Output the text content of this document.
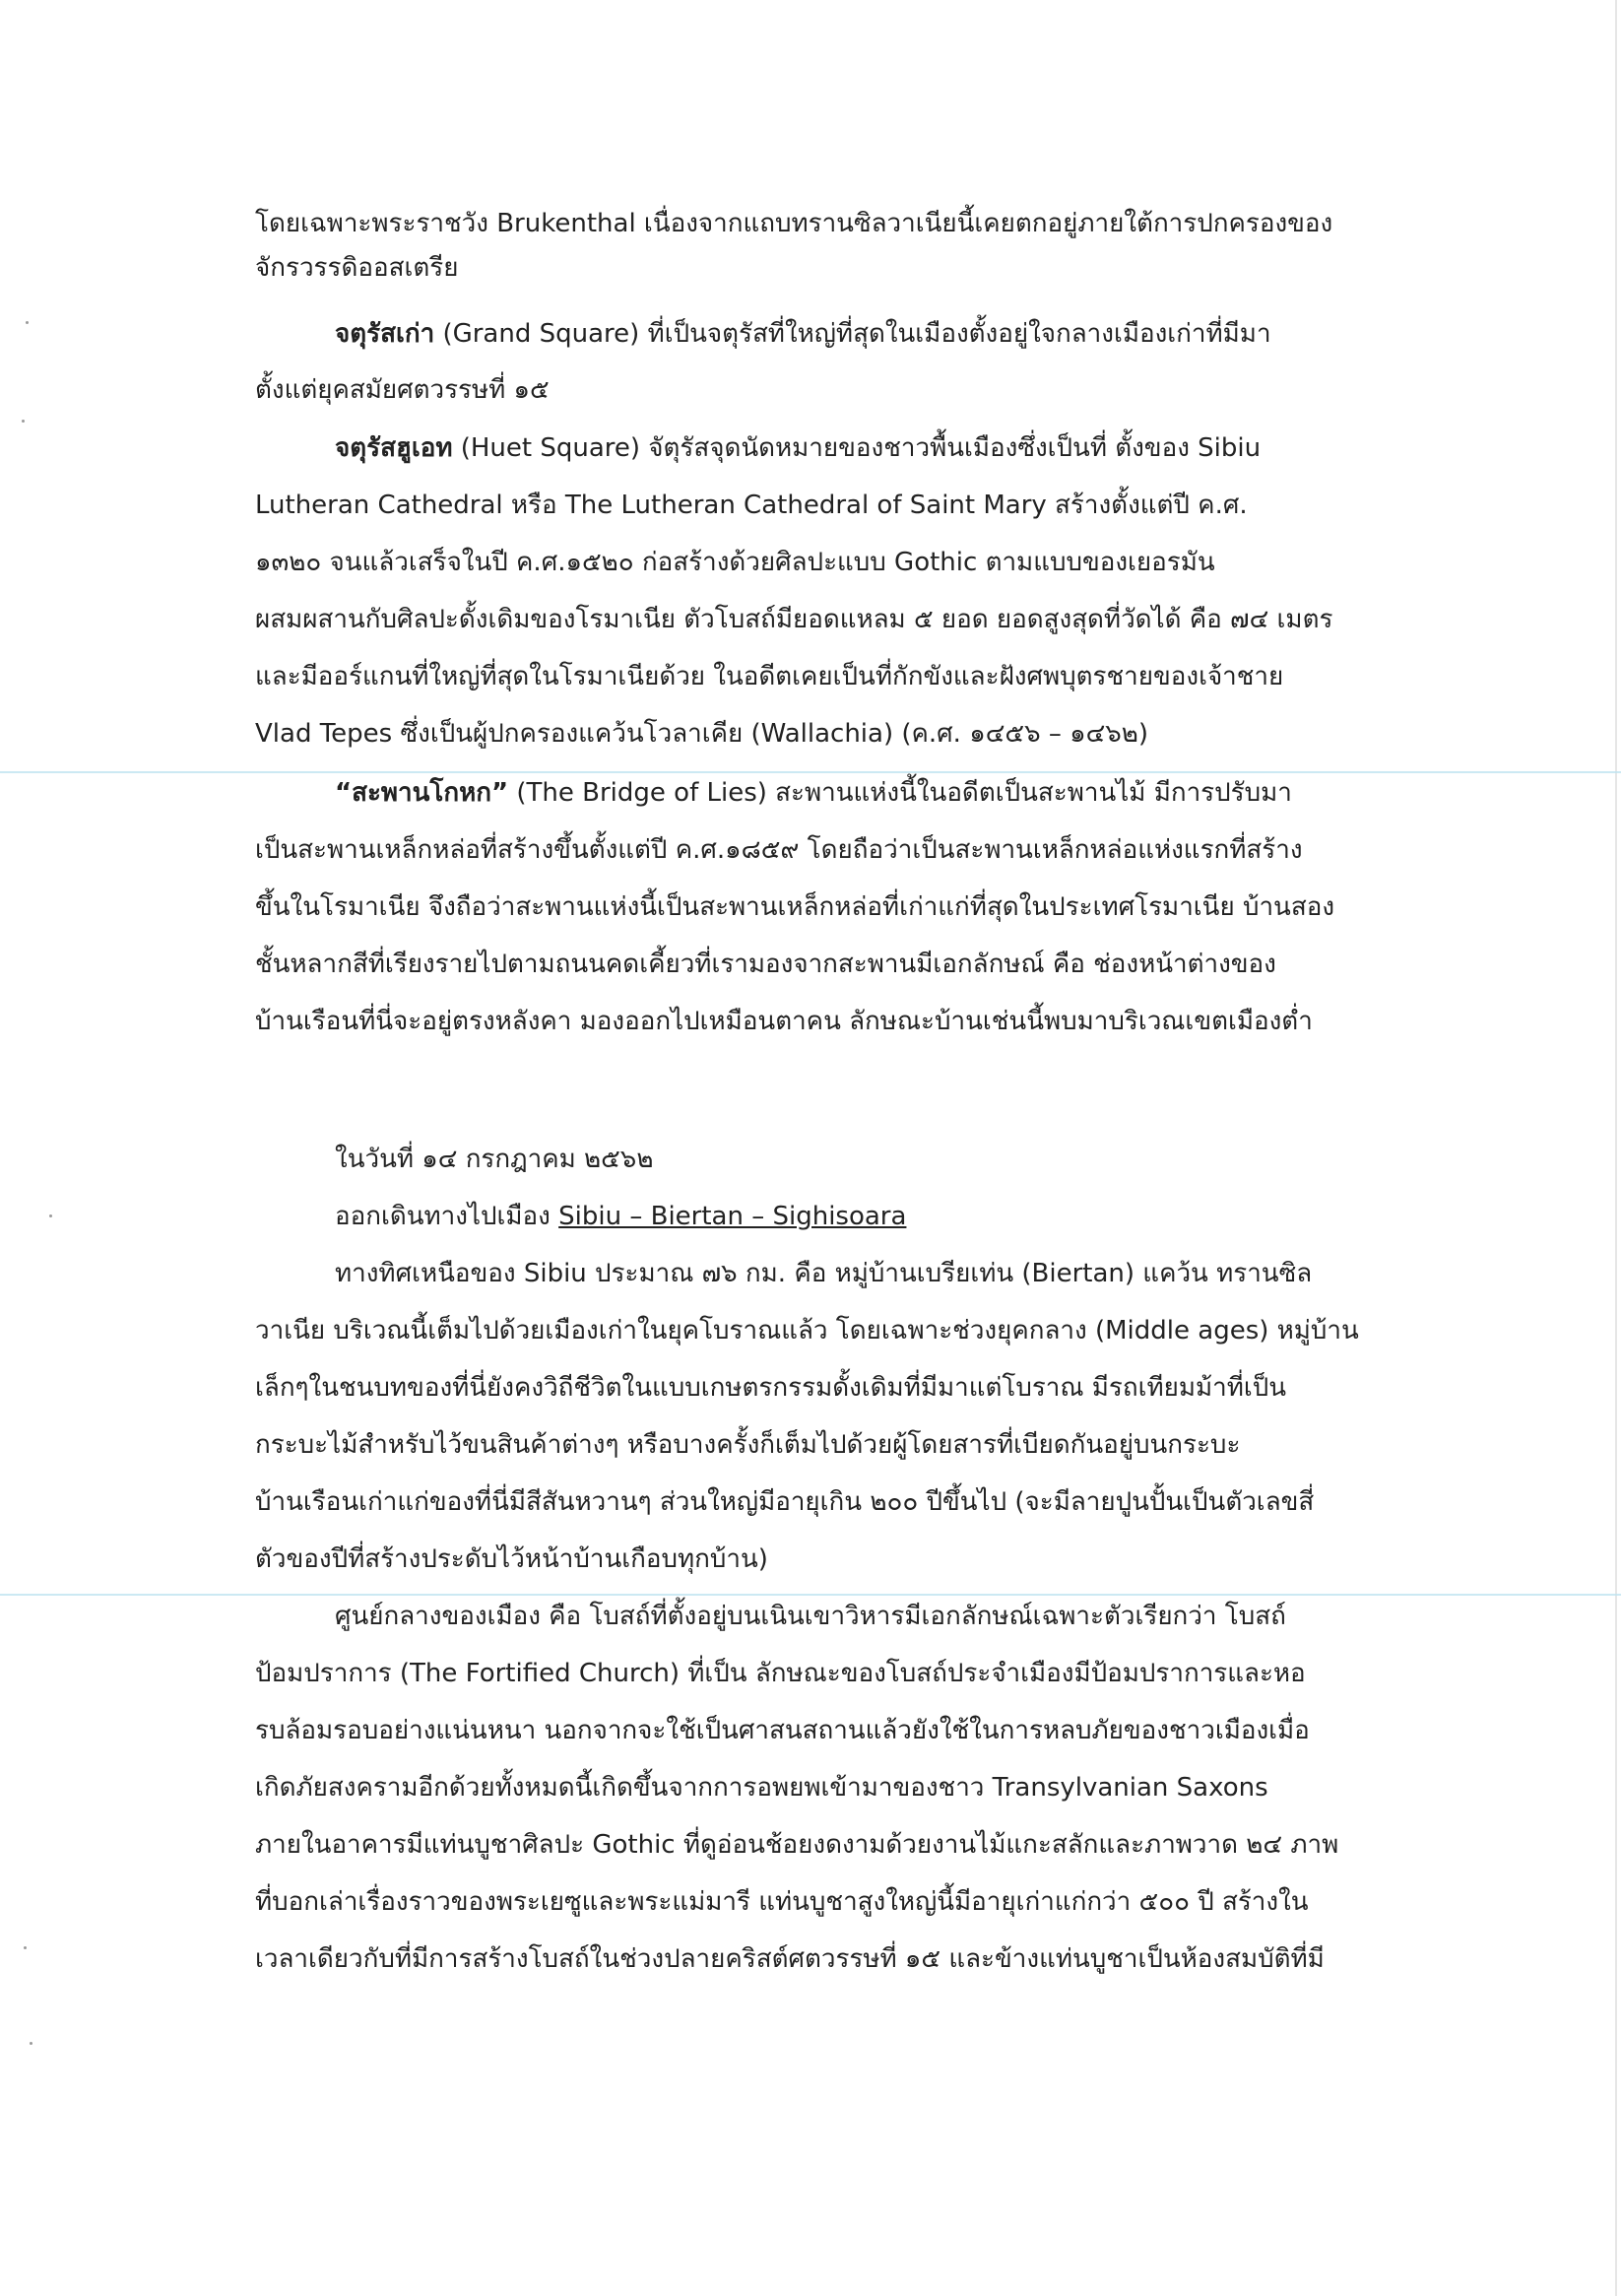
โดยเฉพาะพระราชวัง Brukenthal เนื่องจากแถบทรานซิลวาเนียนี้เคยตกอยู่ภายใต้การปกครองของ
จักรวรรดิออสเตรีย
จตุรัสเก่า (Grand Square) ที่เป็นจตุรัสที่ใหญ่ที่สุดในเมืองตั้งอยู่ใจกลางเมืองเก่าที่มีมา
ตั้งแต่ยุคสมัยศตวรรษที่ ๑๕
จตุรัสฮูเอท (Huet Square) จัตุรัสจุดนัดหมายของชาวพื้นเมืองซึ่งเป็นที่ ตั้งของ Sibiu
Lutheran Cathedral หรือ The Lutheran Cathedral of Saint Mary สร้างตั้งแต่ปี ค.ศ.
๑๓๒๐ จนแล้วเสร็จในปี ค.ศ.๑๕๒๐ ก่อสร้างด้วยศิลปะแบบ Gothic ตามแบบของเยอรมัน
ผสมผสานกับศิลปะดั้งเดิมของโรมาเนีย ตัวโบสถ์มียอดแหลม ๕ ยอด ยอดสูงสุดที่วัดได้ คือ ๗๔ เมตร
และมีออร์แกนที่ใหญ่ที่สุดในโรมาเนียด้วย ในอดีตเคยเป็นที่กักขังและฝังศพบุตรชายของเจ้าชาย
Vlad Tepes ซึ่งเป็นผู้ปกครองแคว้นโวลาเคีย (Wallachia) (ค.ศ. ๑๔๕๖ – ๑๔๖๒)
“สะพานโกหก” (The Bridge of Lies) สะพานแห่งนี้ในอดีตเป็นสะพานไม้ มีการปรับมา
เป็นสะพานเหล็กหล่อที่สร้างขึ้นตั้งแต่ปี ค.ศ.๑๘๕๙ โดยถือว่าเป็นสะพานเหล็กหล่อแห่งแรกที่สร้าง
ขึ้นในโรมาเนีย จึงถือว่าสะพานแห่งนี้เป็นสะพานเหล็กหล่อที่เก่าแก่ที่สุดในประเทศโรมาเนีย บ้านสอง
ชั้นหลากสีที่เรียงรายไปตามถนนคดเคี้ยวที่เรามองจากสะพานมีเอกลักษณ์ คือ ช่องหน้าต่างของ
บ้านเรือนที่นี่จะอยู่ตรงหลังคา มองออกไปเหมือนตาคน ลักษณะบ้านเช่นนี้พบมาบริเวณเขตเมืองต่ำ
ในวันที่ ๑๔ กรกฎาคม ๒๕๖๒
ออกเดินทางไปเมือง Sibiu – Biertan – Sighisoara
ทางทิศเหนือของ Sibiu ประมาณ ๗๖ กม. คือ หมู่บ้านเบรียเท่น (Biertan) แคว้น ทรานซิล
วาเนีย บริเวณนี้เต็มไปด้วยเมืองเก่าในยุคโบราณแล้ว โดยเฉพาะช่วงยุคกลาง (Middle ages) หมู่บ้าน
เล็กๆในชนบทของที่นี่ยังคงวิถีชีวิตในแบบเกษตรกรรมดั้งเดิมที่มีมาแต่โบราณ มีรถเทียมม้าที่เป็น
กระบะไม้สำหรับไว้ขนสินค้าต่างๆ หรือบางครั้งก็เต็มไปด้วยผู้โดยสารที่เบียดกันอยู่บนกระบะ
บ้านเรือนเก่าแก่ของที่นี่มีสีสันหวานๆ ส่วนใหญ่มีอายุเกิน ๒๐๐ ปีขึ้นไป (จะมีลายปูนปั้นเป็นตัวเลขสี่
ตัวของปีที่สร้างประดับไว้หน้าบ้านเกือบทุกบ้าน)
ศูนย์กลางของเมือง คือ โบสถ์ที่ตั้งอยู่บนเนินเขาวิหารมีเอกลักษณ์เฉพาะตัวเรียกว่า โบสถ์
ป้อมปราการ (The Fortified Church) ที่เป็น ลักษณะของโบสถ์ประจำเมืองมีป้อมปราการและหอ
รบล้อมรอบอย่างแน่นหนา นอกจากจะใช้เป็นศาสนสถานแล้วยังใช้ในการหลบภัยของชาวเมืองเมื่อ
เกิดภัยสงครามอีกด้วยทั้งหมดนี้เกิดขึ้นจากการอพยพเข้ามาของชาว Transylvanian Saxons
ภายในอาคารมีแท่นบูชาศิลปะ Gothic ที่ดูอ่อนช้อยงดงามด้วยงานไม้แกะสลักและภาพวาด ๒๔ ภาพ
ที่บอกเล่าเรื่องราวของพระเยซูและพระแม่มารี แท่นบูชาสูงใหญ่นี้มีอายุเก่าแก่กว่า ๕๐๐ ปี สร้างใน
เวลาเดียวกับที่มีการสร้างโบสถ์ในช่วงปลายคริสต์ศตวรรษที่ ๑๕ และข้างแท่นบูชาเป็นห้องสมบัติที่มี
